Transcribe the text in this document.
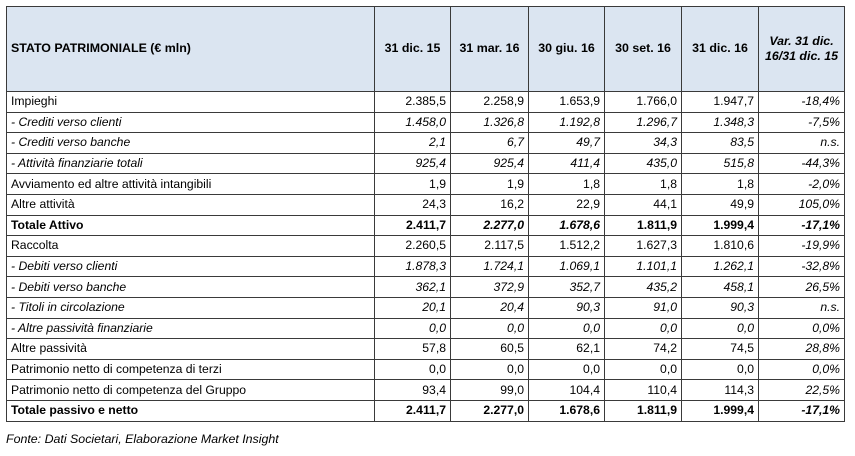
STATO PATRIMONIALE (€ mln)	31 dic. 15	31 mar. 16	30 giu. 16	30 set. 16	31 dic. 16	Var. 31 dic. 16/31 dic. 15
Impieghi	2.385,5	2.258,9	1.653,9	1.766,0	1.947,7	-18,4%
- Crediti verso clienti	1.458,0	1.326,8	1.192,8	1.296,7	1.348,3	-7,5%
- Crediti verso banche	2,1	6,7	49,7	34,3	83,5	n.s.
- Attività finanziarie totali	925,4	925,4	411,4	435,0	515,8	-44,3%
Avviamento ed altre attività intangibili	1,9	1,9	1,8	1,8	1,8	-2,0%
Altre attività	24,3	16,2	22,9	44,1	49,9	105,0%
Totale Attivo	2.411,7	2.277,0	1.678,6	1.811,9	1.999,4	-17,1%
Raccolta	2.260,5	2.117,5	1.512,2	1.627,3	1.810,6	-19,9%
- Debiti verso clienti	1.878,3	1.724,1	1.069,1	1.101,1	1.262,1	-32,8%
- Debiti verso banche	362,1	372,9	352,7	435,2	458,1	26,5%
- Titoli in circolazione	20,1	20,4	90,3	91,0	90,3	n.s.
- Altre passività finanziarie	0,0	0,0	0,0	0,0	0,0	0,0%
Altre passività	57,8	60,5	62,1	74,2	74,5	28,8%
Patrimonio netto di competenza di terzi	0,0	0,0	0,0	0,0	0,0	0,0%
Patrimonio netto di competenza del Gruppo	93,4	99,0	104,4	110,4	114,3	22,5%
Totale passivo e netto	2.411,7	2.277,0	1.678,6	1.811,9	1.999,4	-17,1%
Fonte: Dati Societari, Elaborazione Market Insight
